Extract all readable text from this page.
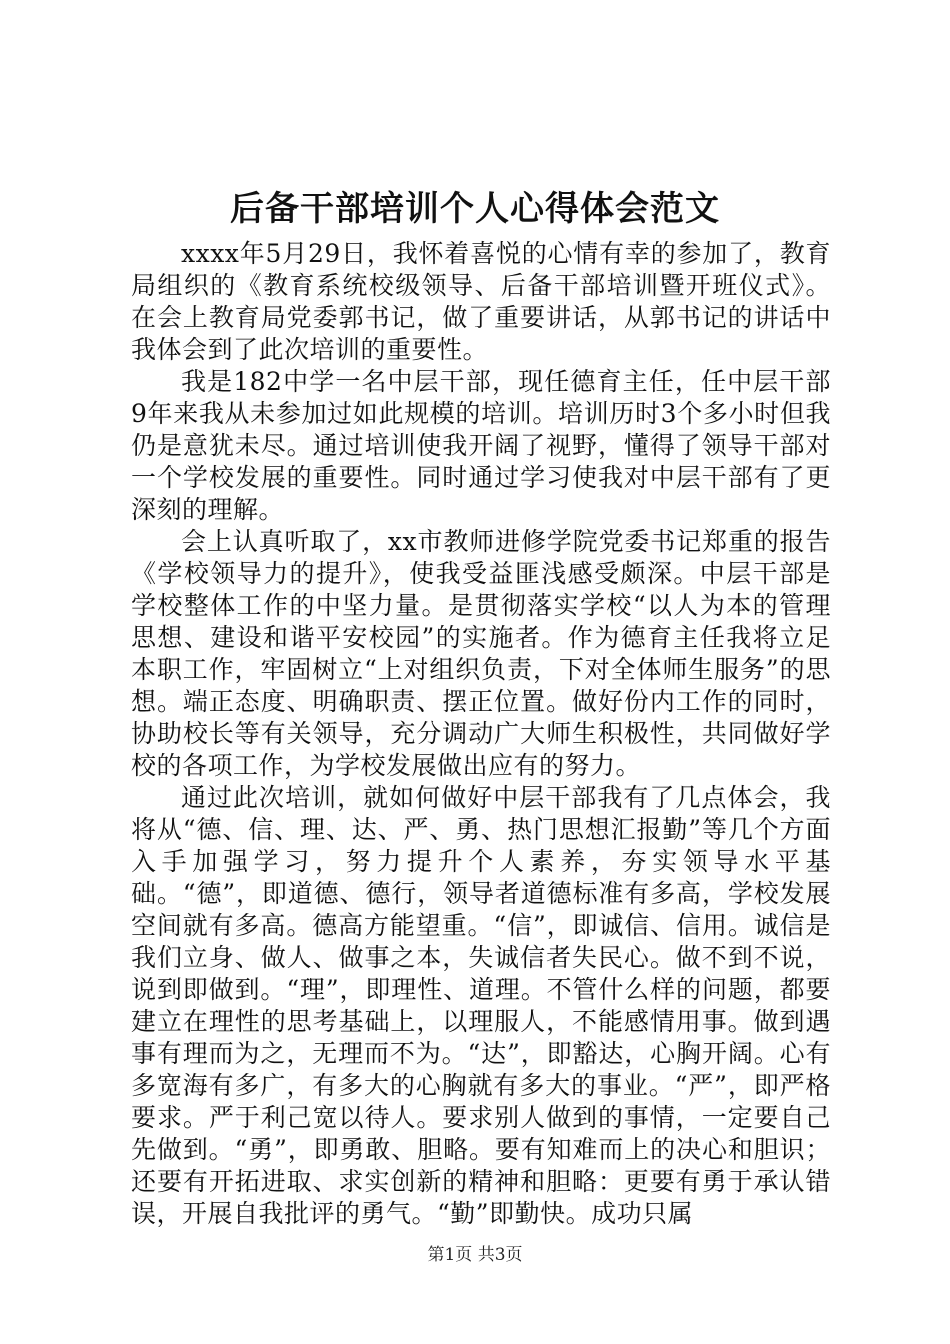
后备干部培训个人心得体会范文

xxxx年5月29日，我怀着喜悦的心情有幸的参加了，教育局组织的《教育系统校级领导、后备干部培训暨开班仪式》。在会上教育局党委郭书记，做了重要讲话，从郭书记的讲话中我体会到了此次培训的重要性。

我是182中学一名中层干部，现任德育主任，任中层干部9年来我从未参加过如此规模的培训。培训历时3个多小时但我仍是意犹未尽。通过培训使我开阔了视野，懂得了领导干部对一个学校发展的重要性。同时通过学习使我对中层干部有了更深刻的理解。

会上认真听取了，xx市教师进修学院党委书记郑重的报告《学校领导力的提升》，使我受益匪浅感受颇深。中层干部是学校整体工作的中坚力量。是贯彻落实学校“以人为本的管理思想、建设和谐平安校园”的实施者。作为德育主任我将立足本职工作，牢固树立“上对组织负责，下对全体师生服务”的思想。端正态度、明确职责、摆正位置。做好份内工作的同时，协助校长等有关领导，充分调动广大师生积极性，共同做好学校的各项工作，为学校发展做出应有的努力。

通过此次培训，就如何做好中层干部我有了几点体会，我将从“德、信、理、达、严、勇、热门思想汇报勤”等几个方面入手加强学习，努力提升个人素养，夯实领导水平基础。“德”，即道德、德行，领导者道德标准有多高，学校发展空间就有多高。德高方能望重。“信”，即诚信、信用。诚信是我们立身、做人、做事之本，失诚信者失民心。做不到不说，说到即做到。“理”，即理性、道理。不管什么样的问题，都要建立在理性的思考基础上，以理服人，不能感情用事。做到遇事有理而为之，无理而不为。“达”，即豁达，心胸开阔。心有多宽海有多广，有多大的心胸就有多大的事业。“严”，即严格要求。严于利己宽以待人。要求别人做到的事情，一定要自己先做到。“勇”，即勇敢、胆略。要有知难而上的决心和胆识；还要有开拓进取、求实创新的精神和胆略：更要有勇于承认错误，开展自我批评的勇气。“勤”即勤快。成功只属

第1页 共3页
